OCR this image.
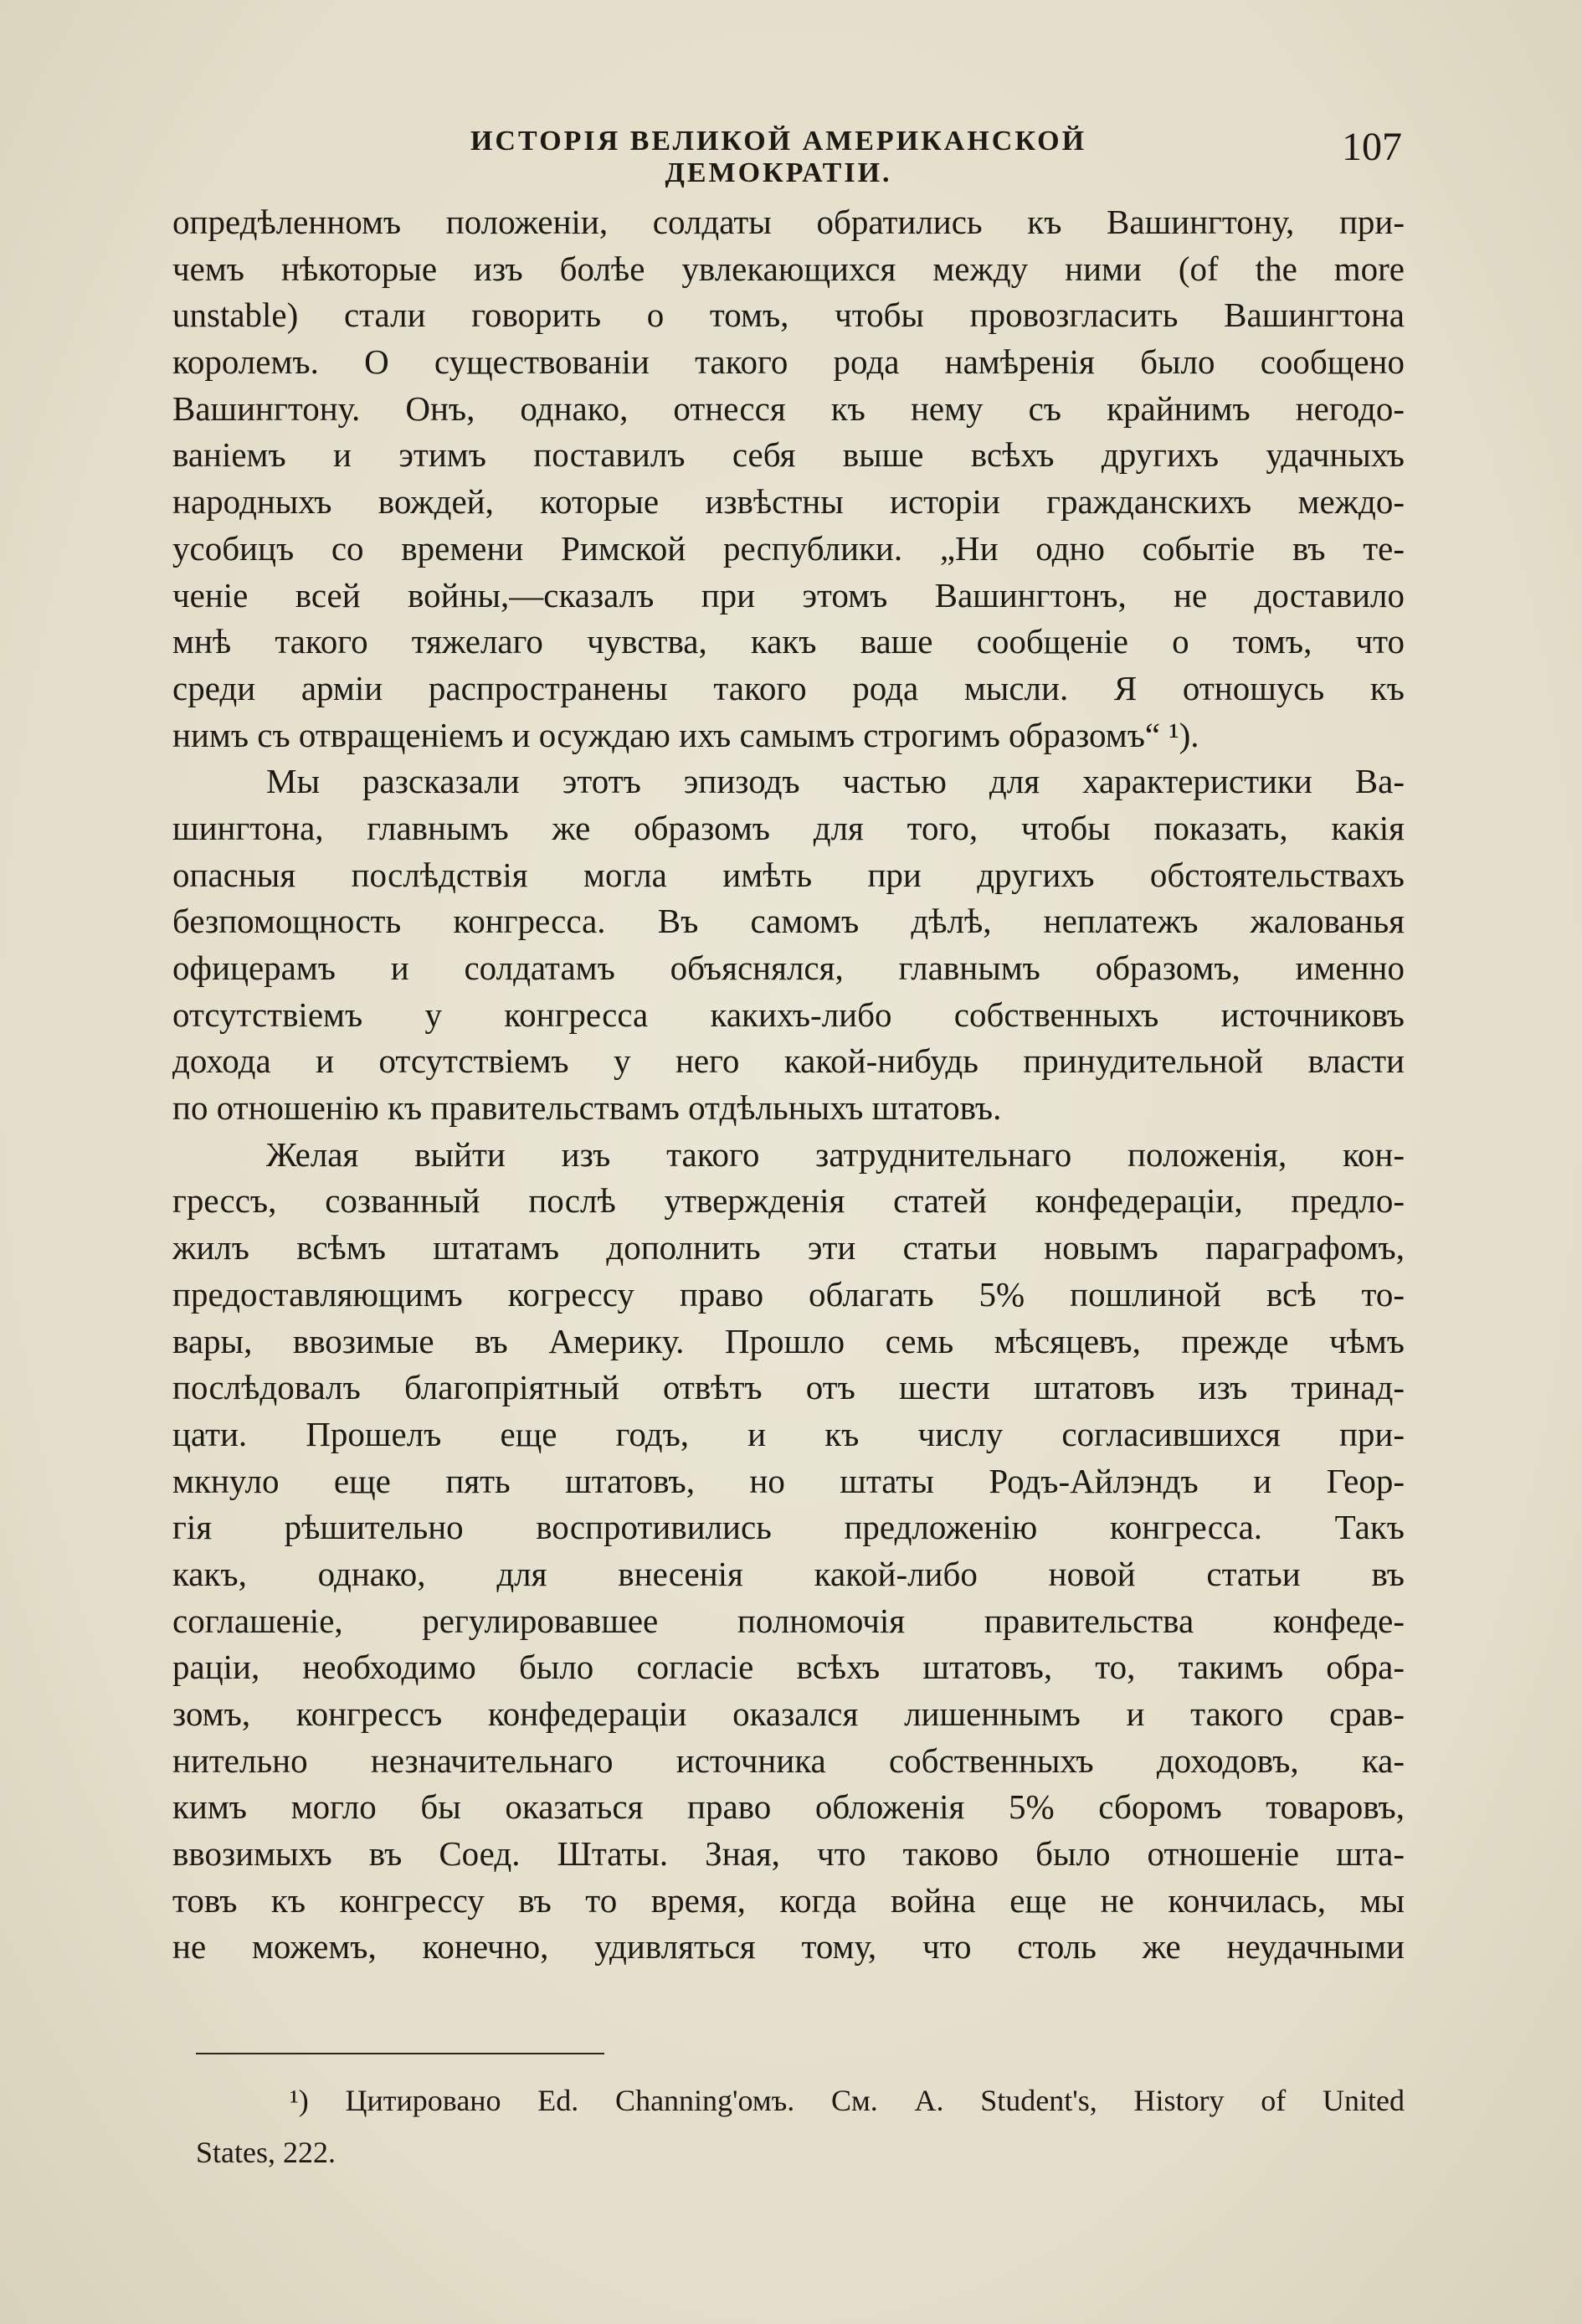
ИСТОРІЯ ВЕЛИКОЙ АМЕРИКАНСКОЙ ДЕМОКРАТІИ.
107
опредѣленномъ положеніи, солдаты обратились къ Вашингтону, при-
чемъ нѣкоторые изъ болѣе увлекающихся между ними (of the more
unstable) стали говорить о томъ, чтобы провозгласить Вашингтона
королемъ. О существованіи такого рода намѣренія было сообщено
Вашингтону. Онъ, однако, отнесся къ нему съ крайнимъ негодо-
ваніемъ и этимъ поставилъ себя выше всѣхъ другихъ удачныхъ
народныхъ вождей, которые извѣстны исторіи гражданскихъ междо-
усобицъ со времени Римской республики. „Ни одно событіе въ те-
ченіе всей войны,—сказалъ при этомъ Вашингтонъ, не доставило
мнѣ такого тяжелаго чувства, какъ ваше сообщеніе о томъ, что
среди арміи распространены такого рода мысли. Я отношусь къ
нимъ съ отвращеніемъ и осуждаю ихъ самымъ строгимъ образомъ“ ¹).
Мы разсказали этотъ эпизодъ частью для характеристики Ва-
шингтона, главнымъ же образомъ для того, чтобы показать, какія
опасныя послѣдствія могла имѣть при другихъ обстоятельствахъ
безпомощность конгресса. Въ самомъ дѣлѣ, неплатежъ жалованья
офицерамъ и солдатамъ объяснялся, главнымъ образомъ, именно
отсутствіемъ у конгресса какихъ-либо собственныхъ источниковъ
дохода и отсутствіемъ у него какой-нибудь принудительной власти
по отношенію къ правительствамъ отдѣльныхъ штатовъ.
Желая выйти изъ такого затруднительнаго положенія, кон-
грессъ, созванный послѣ утвержденія статей конфедераціи, предло-
жилъ всѣмъ штатамъ дополнить эти статьи новымъ параграфомъ,
предоставляющимъ когрессу право облагать 5% пошлиной всѣ то-
вары, ввозимые въ Америку. Прошло семь мѣсяцевъ, прежде чѣмъ
послѣдовалъ благопріятный отвѣтъ отъ шести штатовъ изъ тринад-
цати. Прошелъ еще годъ, и къ числу согласившихся при-
мкнуло еще пять штатовъ, но штаты Родъ-Айлэндъ и Геор-
гія рѣшительно воспротивились предложенію конгресса. Такъ
какъ, однако, для внесенія какой-либо новой статьи въ
соглашеніе, регулировавшее полномочія правительства конфеде-
раціи, необходимо было согласіе всѣхъ штатовъ, то, такимъ обра-
зомъ, конгрессъ конфедераціи оказался лишеннымъ и такого срав-
нительно незначительнаго источника собственныхъ доходовъ, ка-
кимъ могло бы оказаться право обложенія 5% сборомъ товаровъ,
ввозимыхъ въ Соед. Штаты. Зная, что таково было отношеніе шта-
товъ къ конгрессу въ то время, когда война еще не кончилась, мы
не можемъ, конечно, удивляться тому, что столь же неудачными
¹) Цитировано Ed. Channing'омъ. См. A. Student's, History of United
States, 222.
